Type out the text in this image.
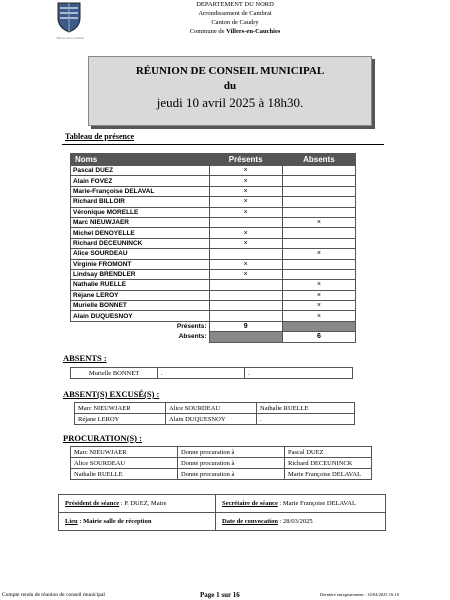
Villers-en-Cauchies
DEPARTEMENT DU NORD
Arrondissement de Cambrai
Canton de Caudry
Commune de Villers-en-Cauchies
RÉUNION DE CONSEIL MUNICIPAL
du
jeudi 10 avril 2025 à 18h30.
Tableau de présence
Noms	Présents	Absents
Pascal DUEZ	×	
Alain FOVEZ	×	
Marie-Françoise DELAVAL	×	
Richard BILLOIR	×	
Véronique MORELLE	×	
Marc NIEUWJAER		×
Michel DENOYELLE	×	
Richard DECEUNINCK	×	
Alice SOURDEAU		×
Virginie FROMONT	×	
Lindsay BRENDLER	×	
Nathalie RUELLE		×
Réjane LEROY		×
Murielle BONNET		×
Alain DUQUESNOY		×
Présents:	9	
Absents:		6
ABSENTS :
Murielle BONNET	.	.
ABSENT(S) EXCUSÉ(S) :
Marc NIEUWJAER	Alice SOURDEAU	Nathalie RUELLE
Réjane LEROY	Alain DUQUESNOY	.
PROCURATION(S) :
Marc NIEUWJAER	Donne procuration à	Pascal DUEZ
Alice SOURDEAU	Donne procuration à	Richard DECEUNINCK
Nathalie RUELLE	Donne procuration à	Marie Françoise DELAVAL
Président de séance : P. DUEZ, Maire	Secrétaire de séance : Marie Françoise DELAVAL
Lieu : Mairie salle de réception	Date de convocation : 28/03/2025
Compte rendu de réunion de conseil municipal	Page 1 sur 16	Dernière enregistrement : 14/04/2025 16:10
